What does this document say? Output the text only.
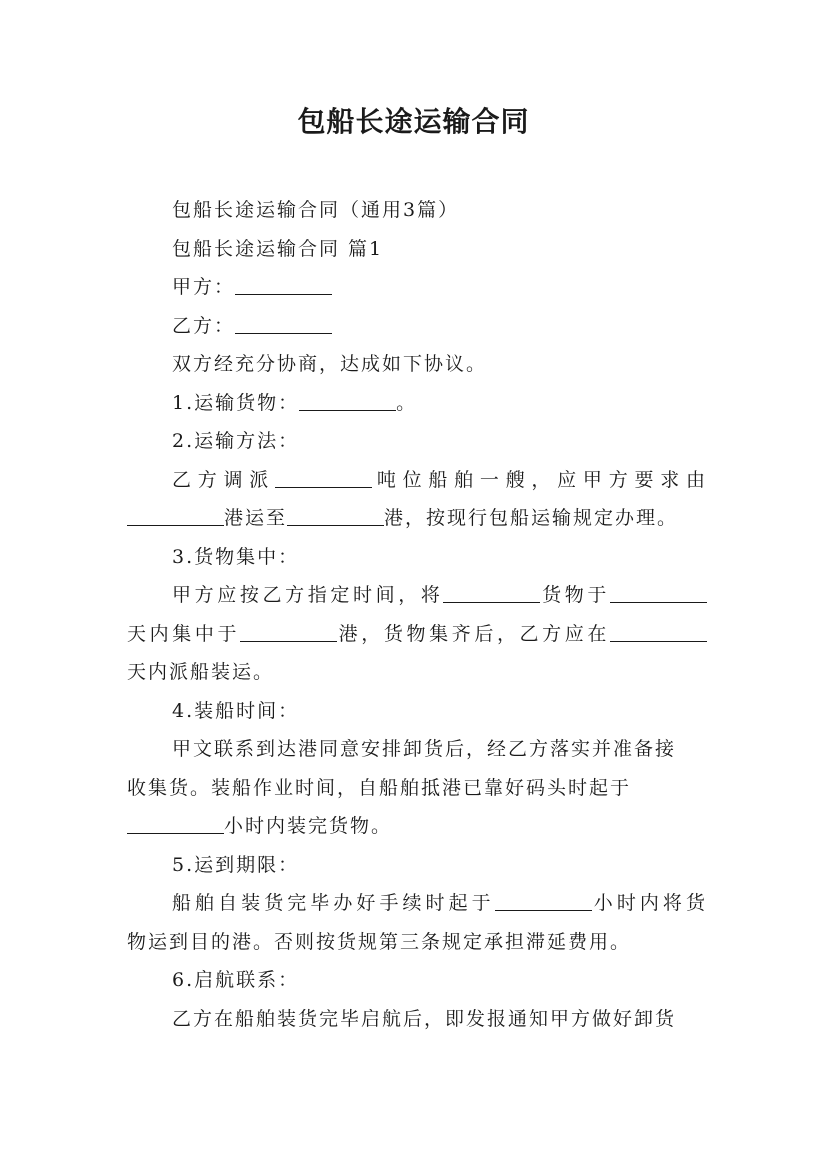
包船长途运输合同
包船长途运输合同（通用3篇）
包船长途运输合同 篇1
甲方：
乙方：
双方经充分协商，达成如下协议。
1.运输货物：	。
2.运输方法：
乙方调派	吨位船舶一艘，应甲方要求由
港运至	港，按现行包船运输规定办理。
3.货物集中：
甲方应按乙方指定时间，将	货物于
天内集中于	港，货物集齐后，乙方应在
天内派船装运。
4.装船时间：
甲文联系到达港同意安排卸货后，经乙方落实并准备接
收集货。装船作业时间，自船舶抵港已靠好码头时起于
小时内装完货物。
5.运到期限：
船舶自装货完毕办好手续时起于	小时内将货
物运到目的港。否则按货规第三条规定承担滞延费用。
6.启航联系：
乙方在船舶装货完毕启航后，即发报通知甲方做好卸货
